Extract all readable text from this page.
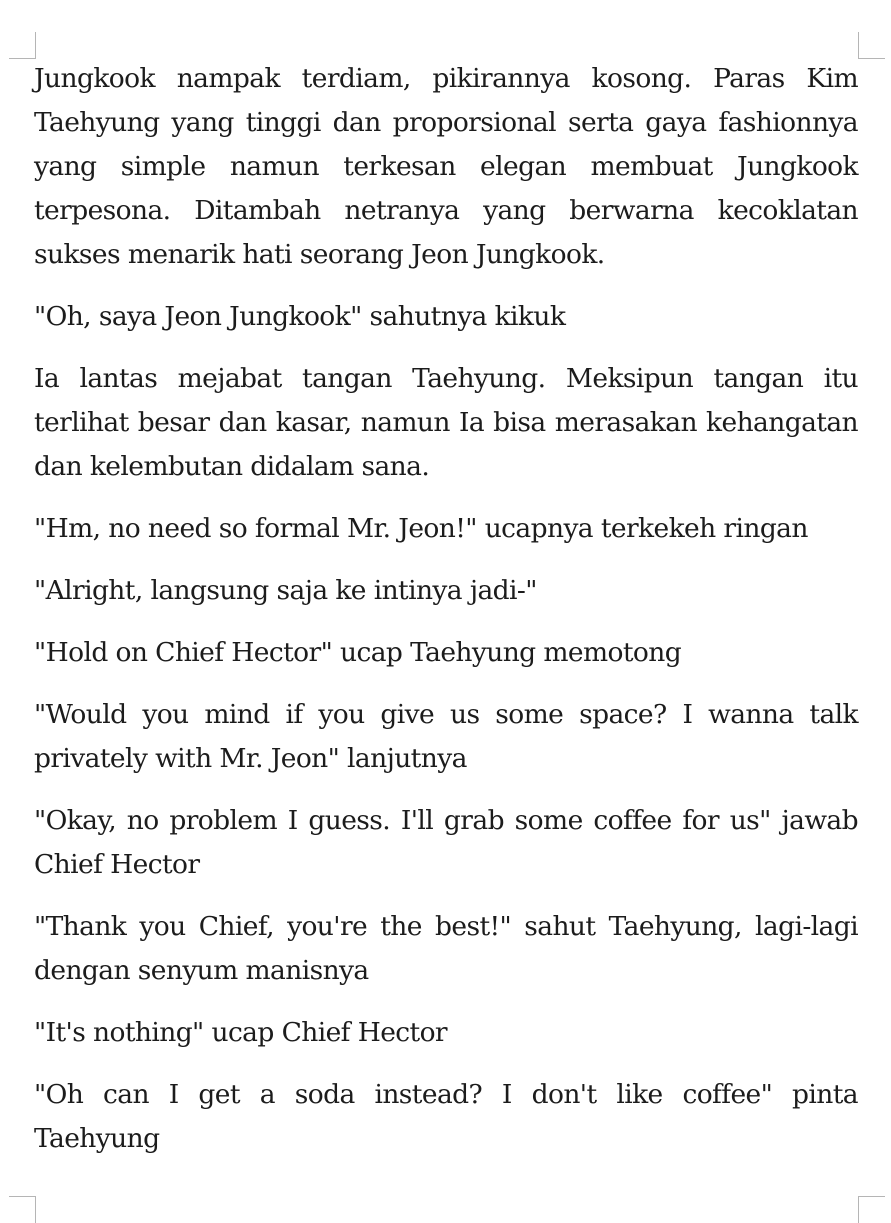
Jungkook nampak terdiam, pikirannya kosong. Paras Kim Taehyung yang tinggi dan proporsional serta gaya fashionnya yang simple namun terkesan elegan membuat Jungkook terpesona. Ditambah netranya yang berwarna kecoklatan sukses menarik hati seorang Jeon Jungkook.

"Oh, saya Jeon Jungkook" sahutnya kikuk

Ia lantas mejabat tangan Taehyung. Meksipun tangan itu terlihat besar dan kasar, namun Ia bisa merasakan kehangatan dan kelembutan didalam sana.

"Hm, no need so formal Mr. Jeon!" ucapnya terkekeh ringan

"Alright, langsung saja ke intinya jadi-"

"Hold on Chief Hector" ucap Taehyung memotong

"Would you mind if you give us some space? I wanna talk privately with Mr. Jeon" lanjutnya

"Okay, no problem I guess. I'll grab some coffee for us" jawab Chief Hector

"Thank you Chief, you're the best!" sahut Taehyung, lagi-lagi dengan senyum manisnya

"It's nothing" ucap Chief Hector

"Oh can I get a soda instead? I don't like coffee" pinta Taehyung
